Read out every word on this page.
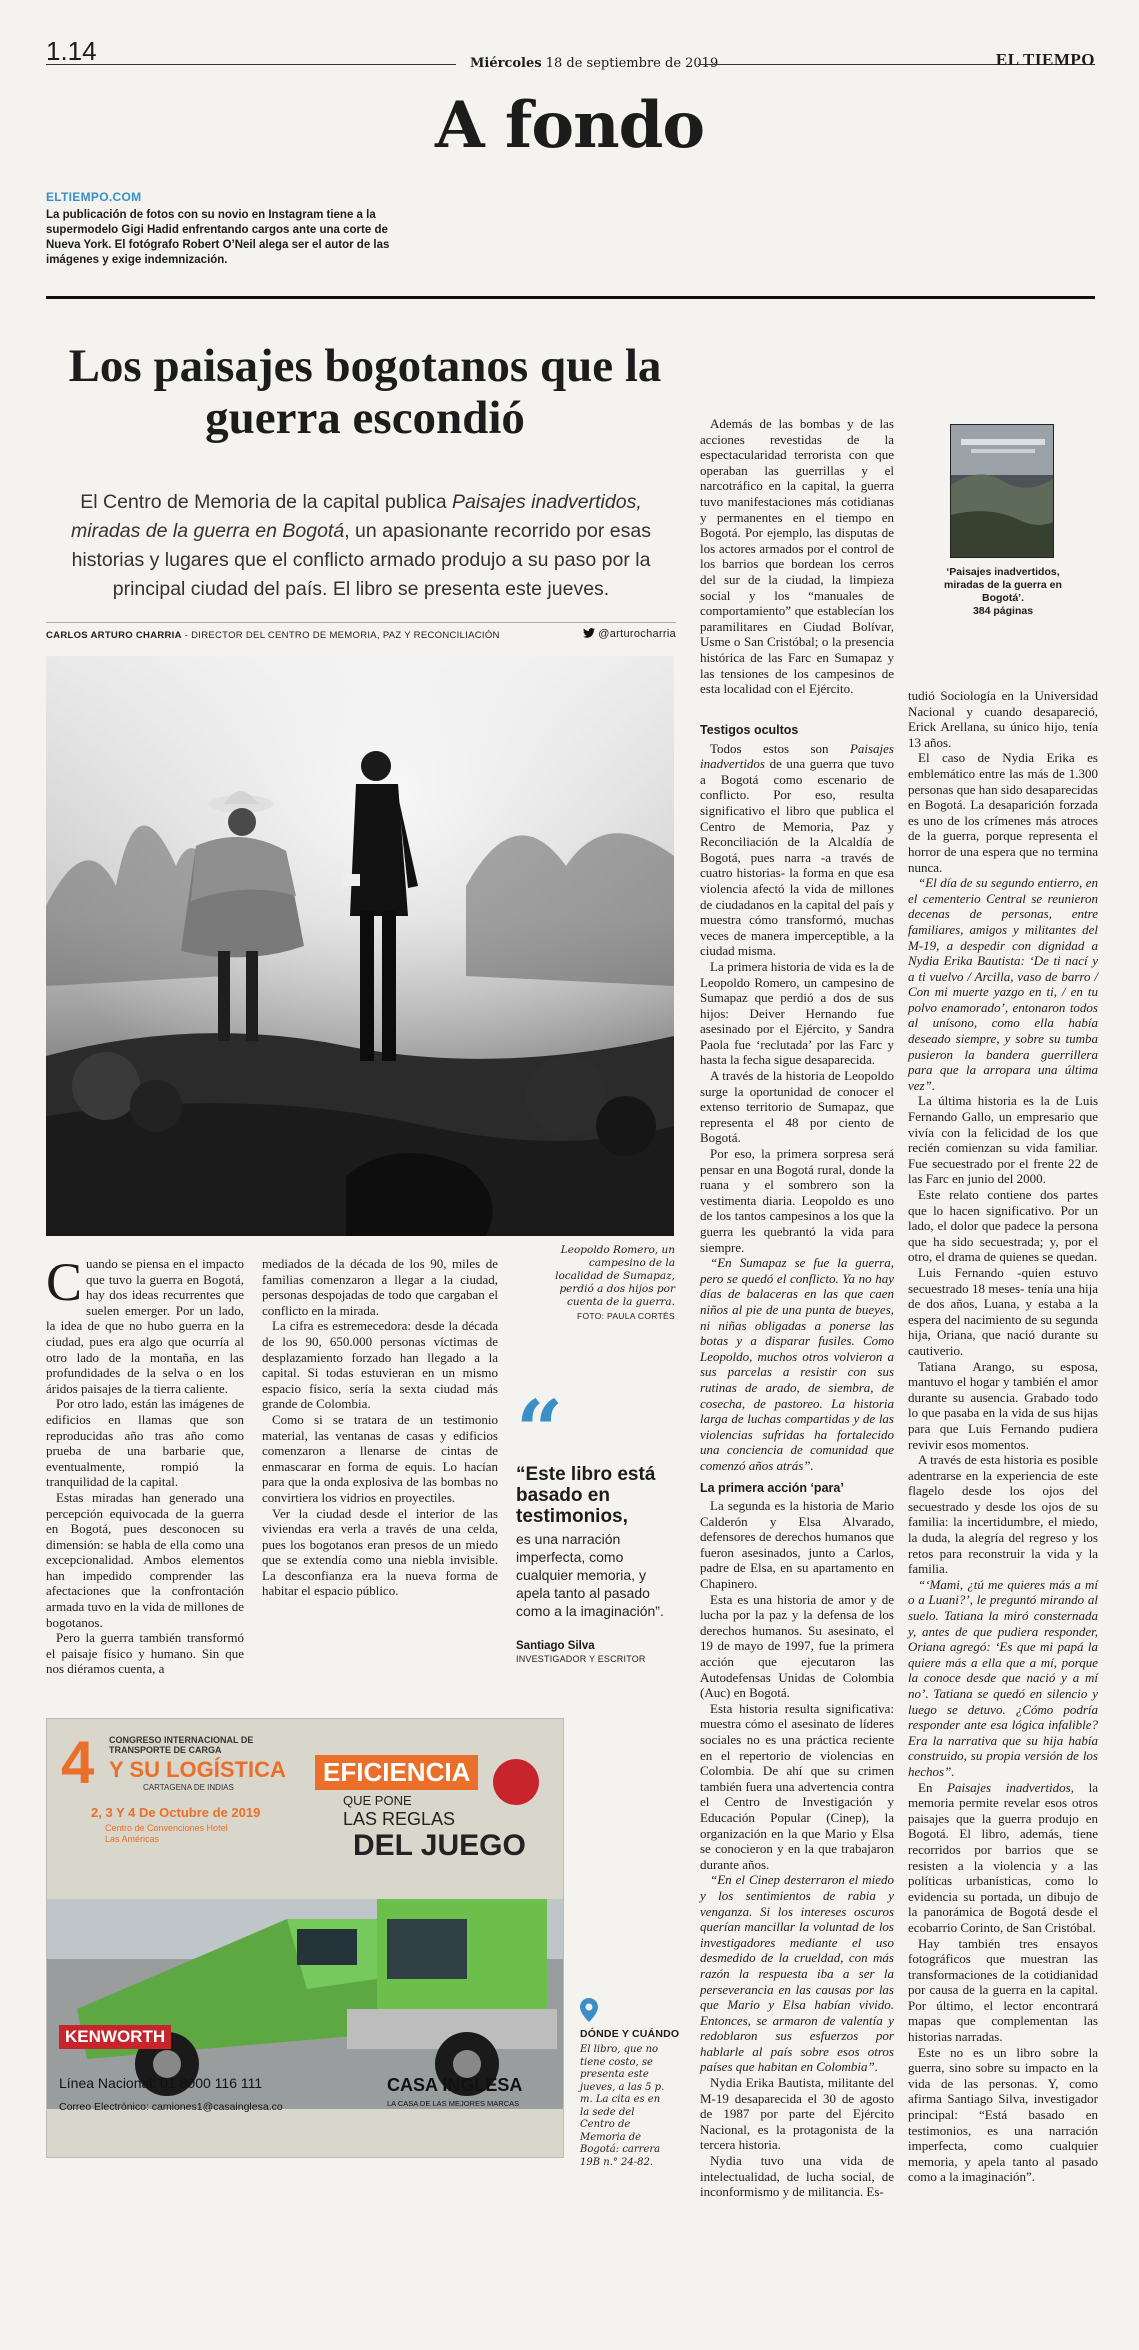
1.14	Miércoles 18 de septiembre de 2019	EL TIEMPO
A fondo
ELTIEMPO.COM
La publicación de fotos con su novio en Instagram tiene a la supermodelo Gigi Hadid enfrentando cargos ante una corte de Nueva York. El fotógrafo Robert O’Neil alega ser el autor de las imágenes y exige indemnización.
Los paisajes bogotanos que la guerra escondió
El Centro de Memoria de la capital publica Paisajes inadvertidos, miradas de la guerra en Bogotá, un apasionante recorrido por esas historias y lugares que el conflicto armado produjo a su paso por la principal ciudad del país. El libro se presenta este jueves.
CARLOS ARTURO CHARRIA - DIRECTOR DEL CENTRO DE MEMORIA, PAZ Y RECONCILIACIÓN	@arturocharria
Leopoldo Romero, un campesino de la localidad de Sumapaz, perdió a dos hijos por cuenta de la guerra.
FOTO: PAULA CORTÉS

Cuando se piensa en el impacto que tuvo la guerra en Bogotá, hay dos ideas recurrentes que suelen emerger. Por un lado, la idea de que no hubo guerra en la ciudad, pues era algo que ocurría al otro lado de la montaña, en las profundidades de la selva o en los áridos paisajes de la tierra caliente.

Por otro lado, están las imágenes de edificios en llamas que son reproducidas año tras año como prueba de una barbarie que, eventualmente, rompió la tranquilidad de la capital.

Estas miradas han generado una percepción equivocada de la guerra en Bogotá, pues desconocen su dimensión: se habla de ella como una excepcionalidad. Ambos elementos han impedido comprender las afectaciones que la confrontación armada tuvo en la vida de millones de bogotanos.

Pero la guerra también transformó el paisaje físico y humano. Sin que nos diéramos cuenta, a

mediados de la década de los 90, miles de familias comenzaron a llegar a la ciudad, personas despojadas de todo que cargaban el conflicto en la mirada.

La cifra es estremecedora: desde la década de los 90, 650.000 personas víctimas de desplazamiento forzado han llegado a la capital. Si todas estuvieran en un mismo espacio físico, sería la sexta ciudad más grande de Colombia.

Como si se tratara de un testimonio material, las ventanas de casas y edificios comenzaron a llenarse de cintas de enmascarar en forma de equis. Lo hacían para que la onda explosiva de las bombas no convirtiera los vidrios en proyectiles.

Ver la ciudad desde el interior de las viviendas era verla a través de una celda, pues los bogotanos eran presos de un miedo que se extendía como una niebla invisible. La desconfianza era la nueva forma de habitar el espacio público.

“
“Este libro está basado en testimonios,
es una narración imperfecta, como cualquier memoria, y apela tanto al pasado como a la imaginación”.
Santiago Silva
INVESTIGADOR Y ESCRITOR
DÓNDE Y CUÁNDO
El libro, que no tiene costo, se presenta este jueves, a las 5 p. m. La cita es en la sede del Centro de Memoria de Bogotá: carrera 19B n.° 24-82.
‘Paisajes inadvertidos, miradas de la guerra en Bogotá’.
384 páginas

Además de las bombas y de las acciones revestidas de la espectacularidad terrorista con que operaban las guerrillas y el narcotráfico en la capital, la guerra tuvo manifestaciones más cotidianas y permanentes en el tiempo en Bogotá. Por ejemplo, las disputas de los actores armados por el control de los barrios que bordean los cerros del sur de la ciudad, la limpieza social y los “manuales de comportamiento” que establecían los paramilitares en Ciudad Bolívar, Usme o San Cristóbal; o la presencia histórica de las Farc en Sumapaz y las tensiones de los campesinos de esta localidad con el Ejército.

Testigos ocultos

Todos estos son Paisajes inadvertidos de una guerra que tuvo a Bogotá como escenario de conflicto. Por eso, resulta significativo el libro que publica el Centro de Memoria, Paz y Reconciliación de la Alcaldía de Bogotá, pues narra -a través de cuatro historias- la forma en que esa violencia afectó la vida de millones de ciudadanos en la capital del país y muestra cómo transformó, muchas veces de manera imperceptible, a la ciudad misma.

La primera historia de vida es la de Leopoldo Romero, un campesino de Sumapaz que perdió a dos de sus hijos: Deiver Hernando fue asesinado por el Ejército, y Sandra Paola fue ‘reclutada’ por las Farc y hasta la fecha sigue desaparecida.

A través de la historia de Leopoldo surge la oportunidad de conocer el extenso territorio de Sumapaz, que representa el 48 por ciento de Bogotá.

Por eso, la primera sorpresa será pensar en una Bogotá rural, donde la ruana y el sombrero son la vestimenta diaria. Leopoldo es uno de los tantos campesinos a los que la guerra les quebrantó la vida para siempre.

“En Sumapaz se fue la guerra, pero se quedó el conflicto. Ya no hay días de balaceras en las que caen niños al pie de una punta de bueyes, ni niñas obligadas a ponerse las botas y a disparar fusiles. Como Leopoldo, muchos otros volvieron a sus parcelas a resistir con sus rutinas de arado, de siembra, de cosecha, de pastoreo. La historia larga de luchas compartidas y de las violencias sufridas ha fortalecido una conciencia de comunidad que comenzó años atrás”.

La primera acción ‘para’

La segunda es la historia de Mario Calderón y Elsa Alvarado, defensores de derechos humanos que fueron asesinados, junto a Carlos, padre de Elsa, en su apartamento en Chapinero.

Esta es una historia de amor y de lucha por la paz y la defensa de los derechos humanos. Su asesinato, el 19 de mayo de 1997, fue la primera acción que ejecutaron las Autodefensas Unidas de Colombia (Auc) en Bogotá.

Esta historia resulta significativa: muestra cómo el asesinato de líderes sociales no es una práctica reciente en el repertorio de violencias en Colombia. De ahí que su crimen también fuera una advertencia contra el Centro de Investigación y Educación Popular (Cinep), la organización en la que Mario y Elsa se conocieron y en la que trabajaron durante años.

“En el Cinep desterraron el miedo y los sentimientos de rabia y venganza. Si los intereses oscuros querían mancillar la voluntad de los investigadores mediante el uso desmedido de la crueldad, con más razón la respuesta iba a ser la perseverancia en las causas por las que Mario y Elsa habían vivido. Entonces, se armaron de valentía y redoblaron sus esfuerzos por hablarle al país sobre esos otros países que habitan en Colombia”.

Nydia Erika Bautista, militante del M-19 desaparecida el 30 de agosto de 1987 por parte del Ejército Nacional, es la protagonista de la tercera historia.

Nydia tuvo una vida de intelectualidad, de lucha social, de inconformismo y de militancia. Es-

tudió Sociología en la Universidad Nacional y cuando desapareció, Erick Arellana, su único hijo, tenía 13 años.

El caso de Nydia Erika es emblemático entre las más de 1.300 personas que han sido desaparecidas en Bogotá. La desaparición forzada es uno de los crímenes más atroces de la guerra, porque representa el horror de una espera que no termina nunca.

“El día de su segundo entierro, en el cementerio Central se reunieron decenas de personas, entre familiares, amigos y militantes del M-19, a despedir con dignidad a Nydia Erika Bautista: ‘De ti nací y a ti vuelvo / Arcilla, vaso de barro / Con mi muerte yazgo en ti, / en tu polvo enamorado’, entonaron todos al unísono, como ella había deseado siempre, y sobre su tumba pusieron la bandera guerrillera para que la arropara una última vez”.

La última historia es la de Luis Fernando Gallo, un empresario que vivía con la felicidad de los que recién comienzan su vida familiar. Fue secuestrado por el frente 22 de las Farc en junio del 2000.

Este relato contiene dos partes que lo hacen significativo. Por un lado, el dolor que padece la persona que ha sido secuestrada; y, por el otro, el drama de quienes se quedan.

Luis Fernando -quien estuvo secuestrado 18 meses- tenía una hija de dos años, Luana, y estaba a la espera del nacimiento de su segunda hija, Oriana, que nació durante su cautiverio.

Tatiana Arango, su esposa, mantuvo el hogar y también el amor durante su ausencia. Grabado todo lo que pasaba en la vida de sus hijas para que Luis Fernando pudiera revivir esos momentos.

A través de esta historia es posible adentrarse en la experiencia de este flagelo desde los ojos del secuestrado y desde los ojos de su familia: la incertidumbre, el miedo, la duda, la alegría del regreso y los retos para reconstruir la vida y la familia.

“‘Mami, ¿tú me quieres más a mí o a Luani?’, le preguntó mirando al suelo. Tatiana la miró consternada y, antes de que pudiera responder, Oriana agregó: ‘Es que mi papá la quiere más a ella que a mí, porque la conoce desde que nació y a mí no’. Tatiana se quedó en silencio y luego se detuvo. ¿Cómo podría responder ante esa lógica infalible? Era la narrativa que su hija había construido, su propia versión de los hechos”.

En Paisajes inadvertidos, la memoria permite revelar esos otros paisajes que la guerra produjo en Bogotá. El libro, además, tiene recorridos por barrios que se resisten a la violencia y a las políticas urbanísticas, como lo evidencia su portada, un dibujo de la panorámica de Bogotá desde el ecobarrio Corinto, de San Cristóbal.

Hay también tres ensayos fotográficos que muestran las transformaciones de la cotidianidad por causa de la guerra en la capital. Por último, el lector encontrará mapas que complementan las historias narradas.

Este no es un libro sobre la guerra, sino sobre su impacto en la vida de las personas. Y, como afirma Santiago Silva, investigador principal: “Está basado en testimonios, es una narración imperfecta, como cualquier memoria, y apela tanto al pasado como a la imaginación”.

4 CONGRESO INTERNACIONAL DE TRANSPORTE DE CARGA
Y SU LOGÍSTICA
CARTAGENA DE INDIAS
2, 3 Y 4 De Octubre de 2019
Centro de Convenciones Hotel Las Américas
EFICIENCIA
QUE PONE
LAS REGLAS
DEL JUEGO
KENWORTH
Línea Nacional: 01 8000 116 111
Correo Electrónico: camiones1@casainglesa.co
CASA INGLESA
LA CASA DE LAS MEJORES MARCAS
